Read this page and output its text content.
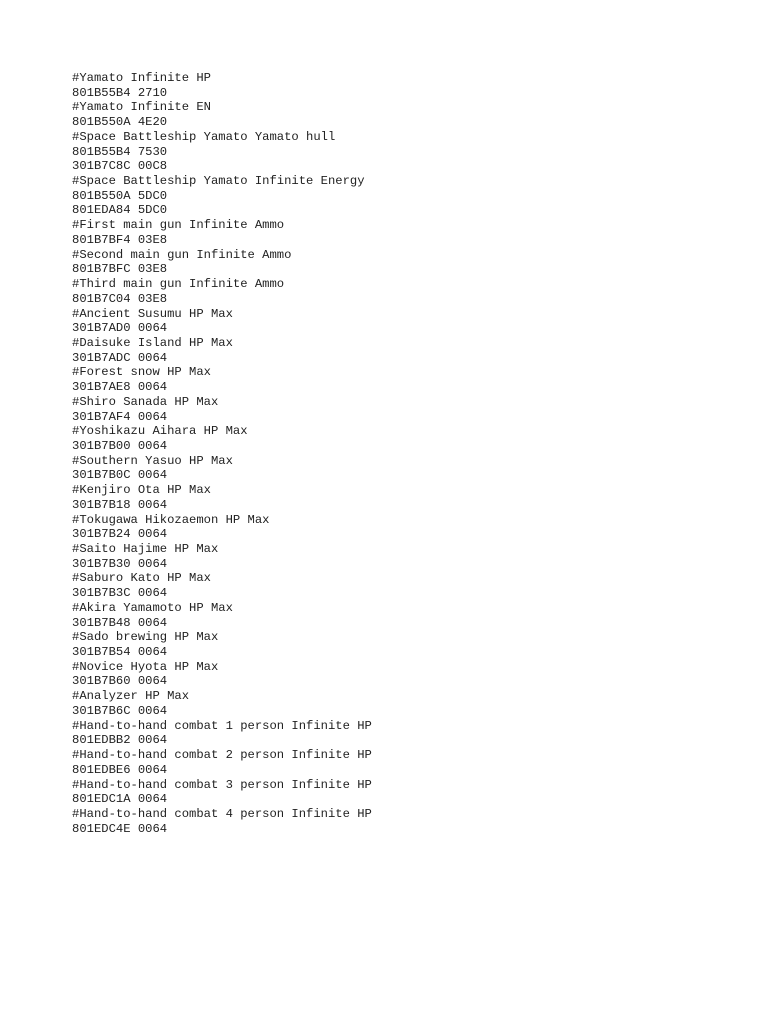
#Yamato Infinite HP
801B55B4 2710
#Yamato Infinite EN
801B550A 4E20
#Space Battleship Yamato Yamato hull
801B55B4 7530
301B7C8C 00C8
#Space Battleship Yamato Infinite Energy
801B550A 5DC0
801EDA84 5DC0
#First main gun Infinite Ammo
801B7BF4 03E8
#Second main gun Infinite Ammo
801B7BFC 03E8
#Third main gun Infinite Ammo
801B7C04 03E8
#Ancient Susumu HP Max
301B7AD0 0064
#Daisuke Island HP Max
301B7ADC 0064
#Forest snow HP Max
301B7AE8 0064
#Shiro Sanada HP Max
301B7AF4 0064
#Yoshikazu Aihara HP Max
301B7B00 0064
#Southern Yasuo HP Max
301B7B0C 0064
#Kenjiro Ota HP Max
301B7B18 0064
#Tokugawa Hikozaemon HP Max
301B7B24 0064
#Saito Hajime HP Max
301B7B30 0064
#Saburo Kato HP Max
301B7B3C 0064
#Akira Yamamoto HP Max
301B7B48 0064
#Sado brewing HP Max
301B7B54 0064
#Novice Hyota HP Max
301B7B60 0064
#Analyzer HP Max
301B7B6C 0064
#Hand-to-hand combat 1 person Infinite HP
801EDBB2 0064
#Hand-to-hand combat 2 person Infinite HP
801EDBE6 0064
#Hand-to-hand combat 3 person Infinite HP
801EDC1A 0064
#Hand-to-hand combat 4 person Infinite HP
801EDC4E 0064
